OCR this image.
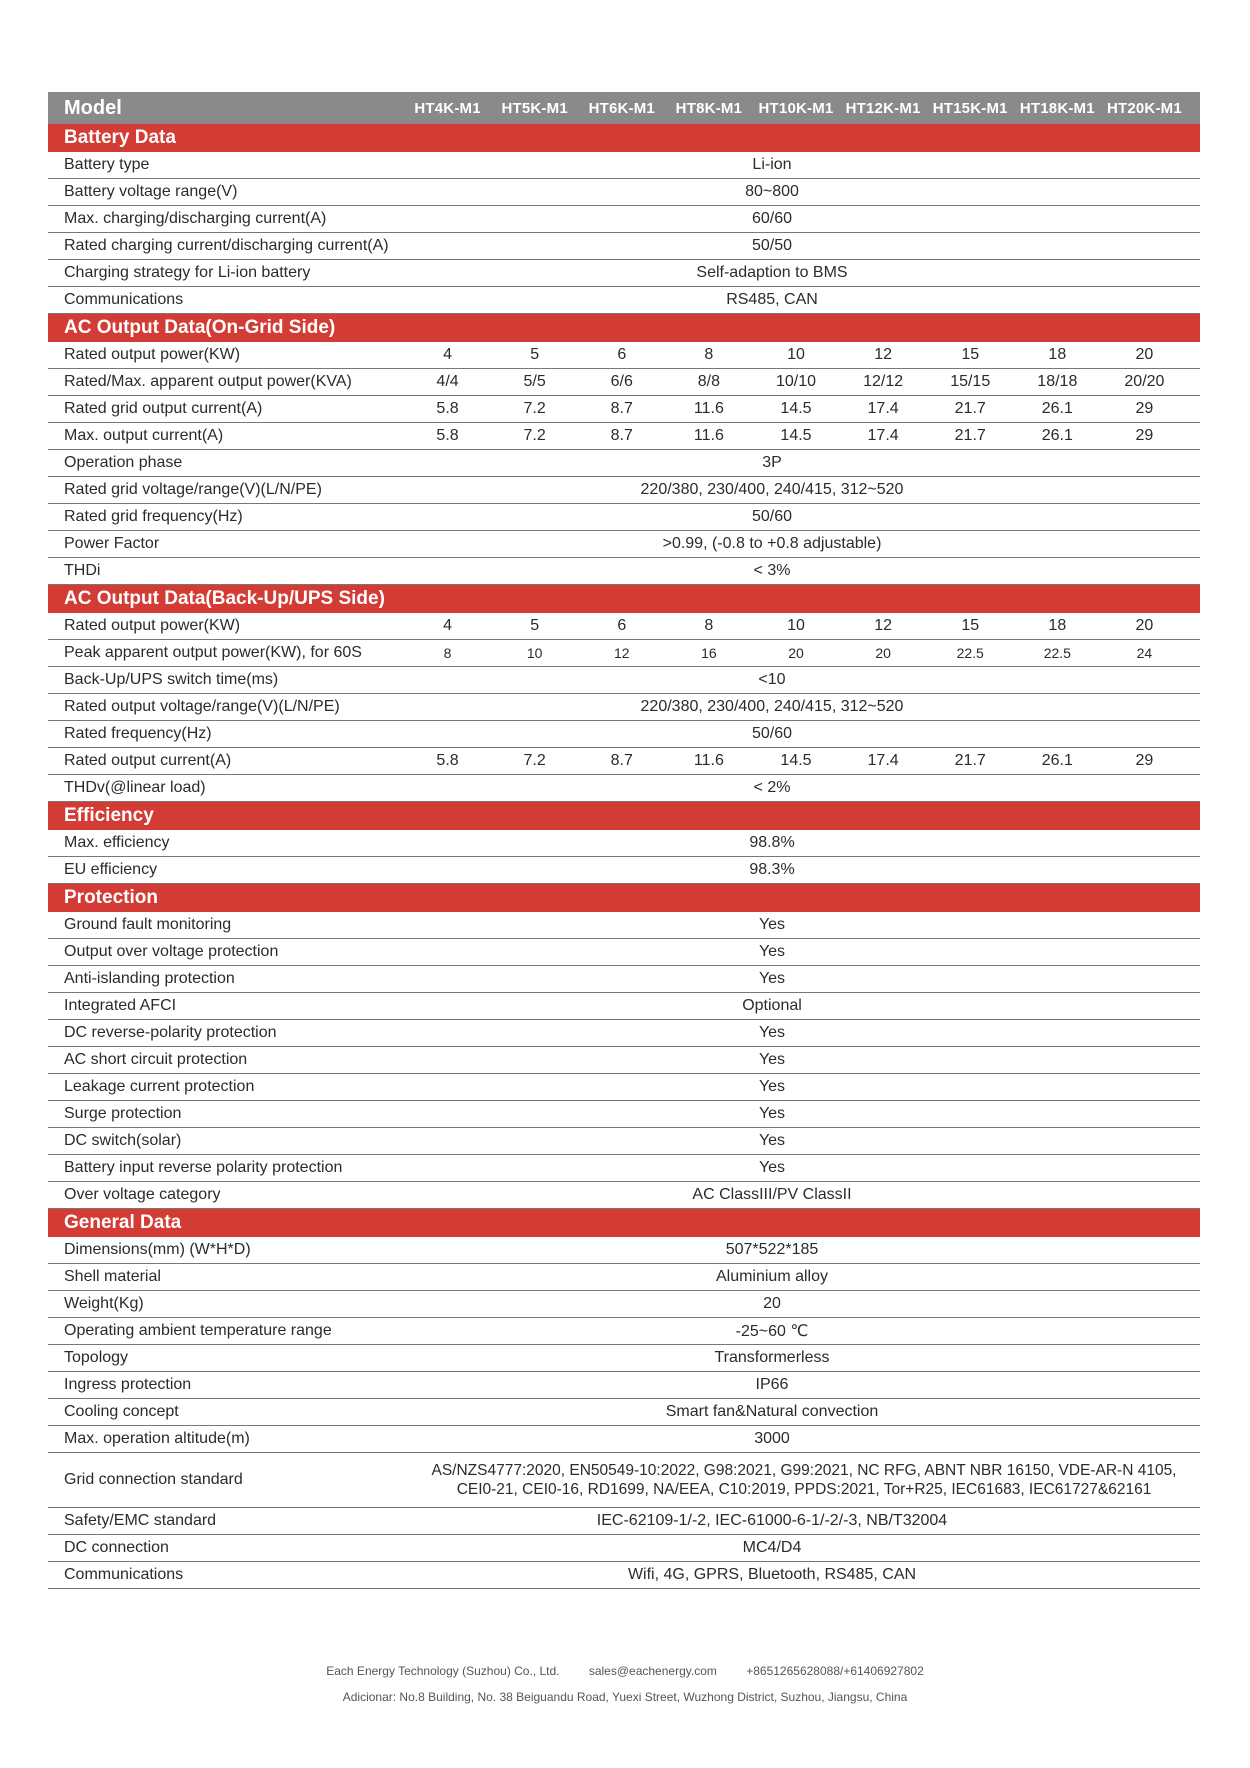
Model	HT4K-M1	HT5K-M1	HT6K-M1	HT8K-M1	HT10K-M1 HT12K-M1 HT15K-M1 HT18K-M1 HT20K-M1
Battery Data
Battery type	Li-ion
Battery voltage range(V)	80~800
Max. charging/discharging current(A)	60/60
Rated charging current/discharging current(A)	50/50
Charging strategy for Li-ion battery	Self-adaption to BMS
Communications	RS485, CAN
AC Output Data(On-Grid Side)
Rated output power(KW)	4	5	6	8	10	12	15	18	20
Rated/Max. apparent output power(KVA)	4/4	5/5	6/6	8/8	10/10	12/12	15/15	18/18	20/20
Rated grid output current(A)	5.8	7.2	8.7	11.6	14.5	17.4	21.7	26.1	29
Max. output current(A)	5.8	7.2	8.7	11.6	14.5	17.4	21.7	26.1	29
Operation phase	3P
Rated grid voltage/range(V)(L/N/PE)	220/380, 230/400, 240/415, 312~520
Rated grid frequency(Hz)	50/60
Power Factor	>0.99, (-0.8 to +0.8 adjustable)
THDi	< 3%
AC Output Data(Back-Up/UPS Side)
Rated output power(KW)	4	5	6	8	10	12	15	18	20
Peak apparent output power(KW), for 60S	8	10	12	16	20	20	22.5	22.5	24
Back-Up/UPS switch time(ms)	<10
Rated output voltage/range(V)(L/N/PE)	220/380, 230/400, 240/415, 312~520
Rated frequency(Hz)	50/60
Rated output current(A)	5.8	7.2	8.7	11.6	14.5	17.4	21.7	26.1	29
THDv(@linear load)	< 2%
Efficiency
Max. efficiency	98.8%
EU efficiency	98.3%
Protection
Ground fault monitoring	Yes
Output over voltage protection	Yes
Anti-islanding protection	Yes
Integrated AFCI	Optional
DC reverse-polarity protection	Yes
AC short circuit protection	Yes
Leakage current protection	Yes
Surge protection	Yes
DC switch(solar)	Yes
Battery input reverse polarity protection	Yes
Over voltage category	AC ClassIII/PV ClassII
General Data
Dimensions(mm) (W*H*D)	507*522*185
Shell material	Aluminium alloy
Weight(Kg)	20
Operating ambient temperature range	-25~60 ℃
Topology	Transformerless
Ingress protection	IP66
Cooling concept	Smart fan&Natural convection
Max. operation altitude(m)	3000
Grid connection standard
AS/NZS4777:2020, EN50549-10:2022, G98:2021, G99:2021, NC RFG, ABNT NBR 16150, VDE-AR-N 4105,
CEI0-21, CEI0-16, RD1699, NA/EEA, C10:2019, PPDS:2021, Tor+R25, IEC61683, IEC61727&62161
Safety/EMC standard	IEC-62109-1/-2, IEC-61000-6-1/-2/-3, NB/T32004
DC connection	MC4/D4
Communications	Wifi, 4G, GPRS, Bluetooth, RS485, CAN
Each Energy Technology (Suzhou) Co., Ltd. sales@eachenergy.com +8651265628088/+61406927802
Adicionar: No.8 Building, No. 38 Beiguandu Road, Yuexi Street, Wuzhong District, Suzhou, Jiangsu, China
